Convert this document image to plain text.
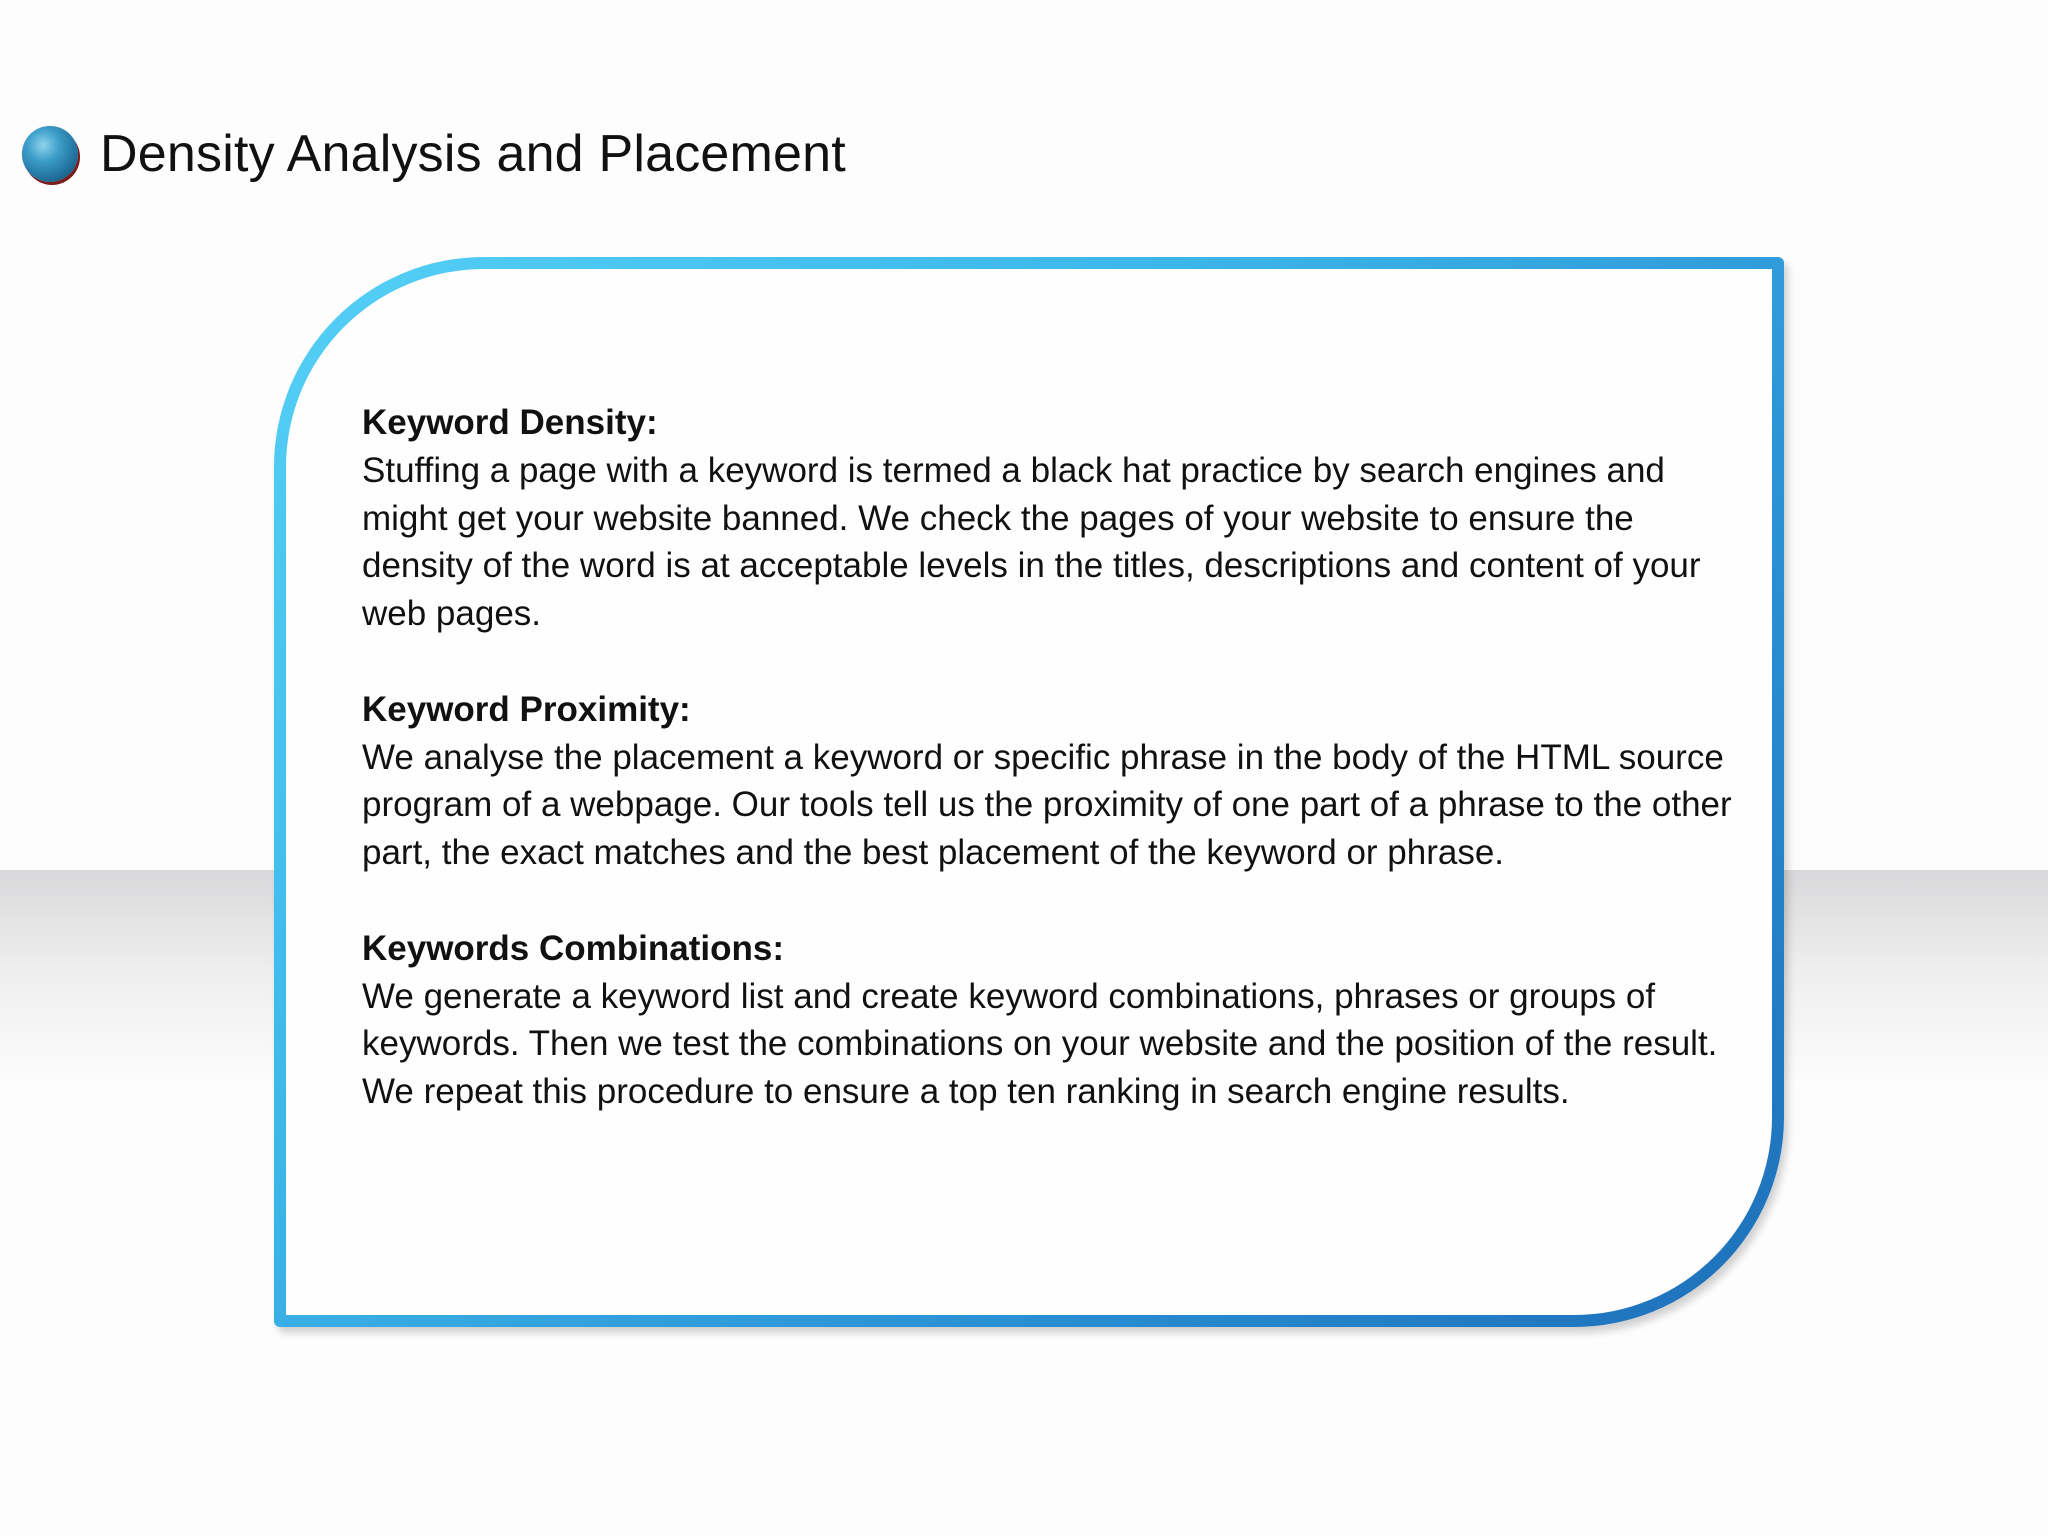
Density Analysis and Placement
Keyword Density:
Stuffing a page with a keyword is termed a black hat practice by search engines and might get your website banned. We check the pages of your website to ensure the density of the word is at acceptable levels in the titles, descriptions and content of your web pages.
Keyword Proximity:
We analyse the placement a keyword or specific phrase in the body of the HTML source program of a webpage. Our tools tell us the proximity of one part of a phrase to the other part, the exact matches and the best placement of the keyword or phrase.
Keywords Combinations:
We generate a keyword list and create keyword combinations, phrases or groups of keywords. Then we test the combinations on your website and the position of the result. We repeat this procedure to ensure a top ten ranking in search engine results.
